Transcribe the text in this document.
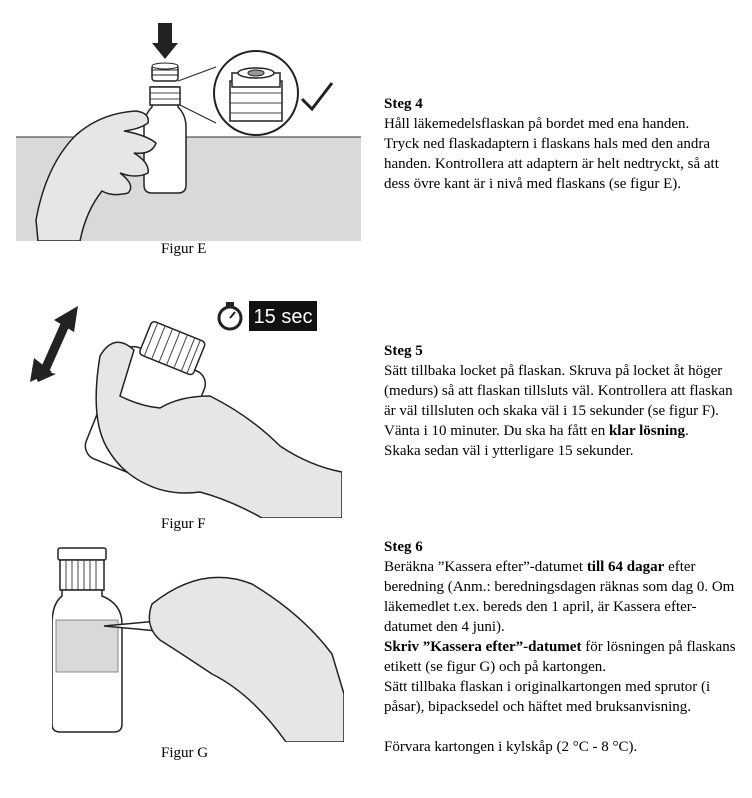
Figur E
Steg 4

Håll läkemedelsflaskan på bordet med ena handen.

Tryck ned flaskadaptern i flaskans hals med den andra handen. Kontrollera att adaptern är helt nedtryckt, så att dess övre kant är i nivå med flaskans (se figur E).

15 sec
Figur F
Steg 5

Sätt tillbaka locket på flaskan. Skruva på locket åt höger (medurs) så att flaskan tillsluts väl. Kontrollera att flaskan är väl tillsluten och skaka väl i 15 sekunder (se figur F).

Vänta i 10 minuter. Du ska ha fått en klar lösning.

Skaka sedan väl i ytterligare 15 sekunder.

Figur G
Steg 6

Beräkna ”Kassera efter”-datumet till 64 dagar efter beredning (Anm.: beredningsdagen räknas som dag 0. Om läkemedlet t.ex. bereds den 1 april, är Kassera efter-datumet den 4 juni).

Skriv ”Kassera efter”-datumet för lösningen på flaskans etikett (se figur G) och på kartongen.

Sätt tillbaka flaskan i originalkartongen med sprutor (i påsar), bipacksedel och häftet med bruksanvisning.

Förvara kartongen i kylskåp (2 °C - 8 °C).
